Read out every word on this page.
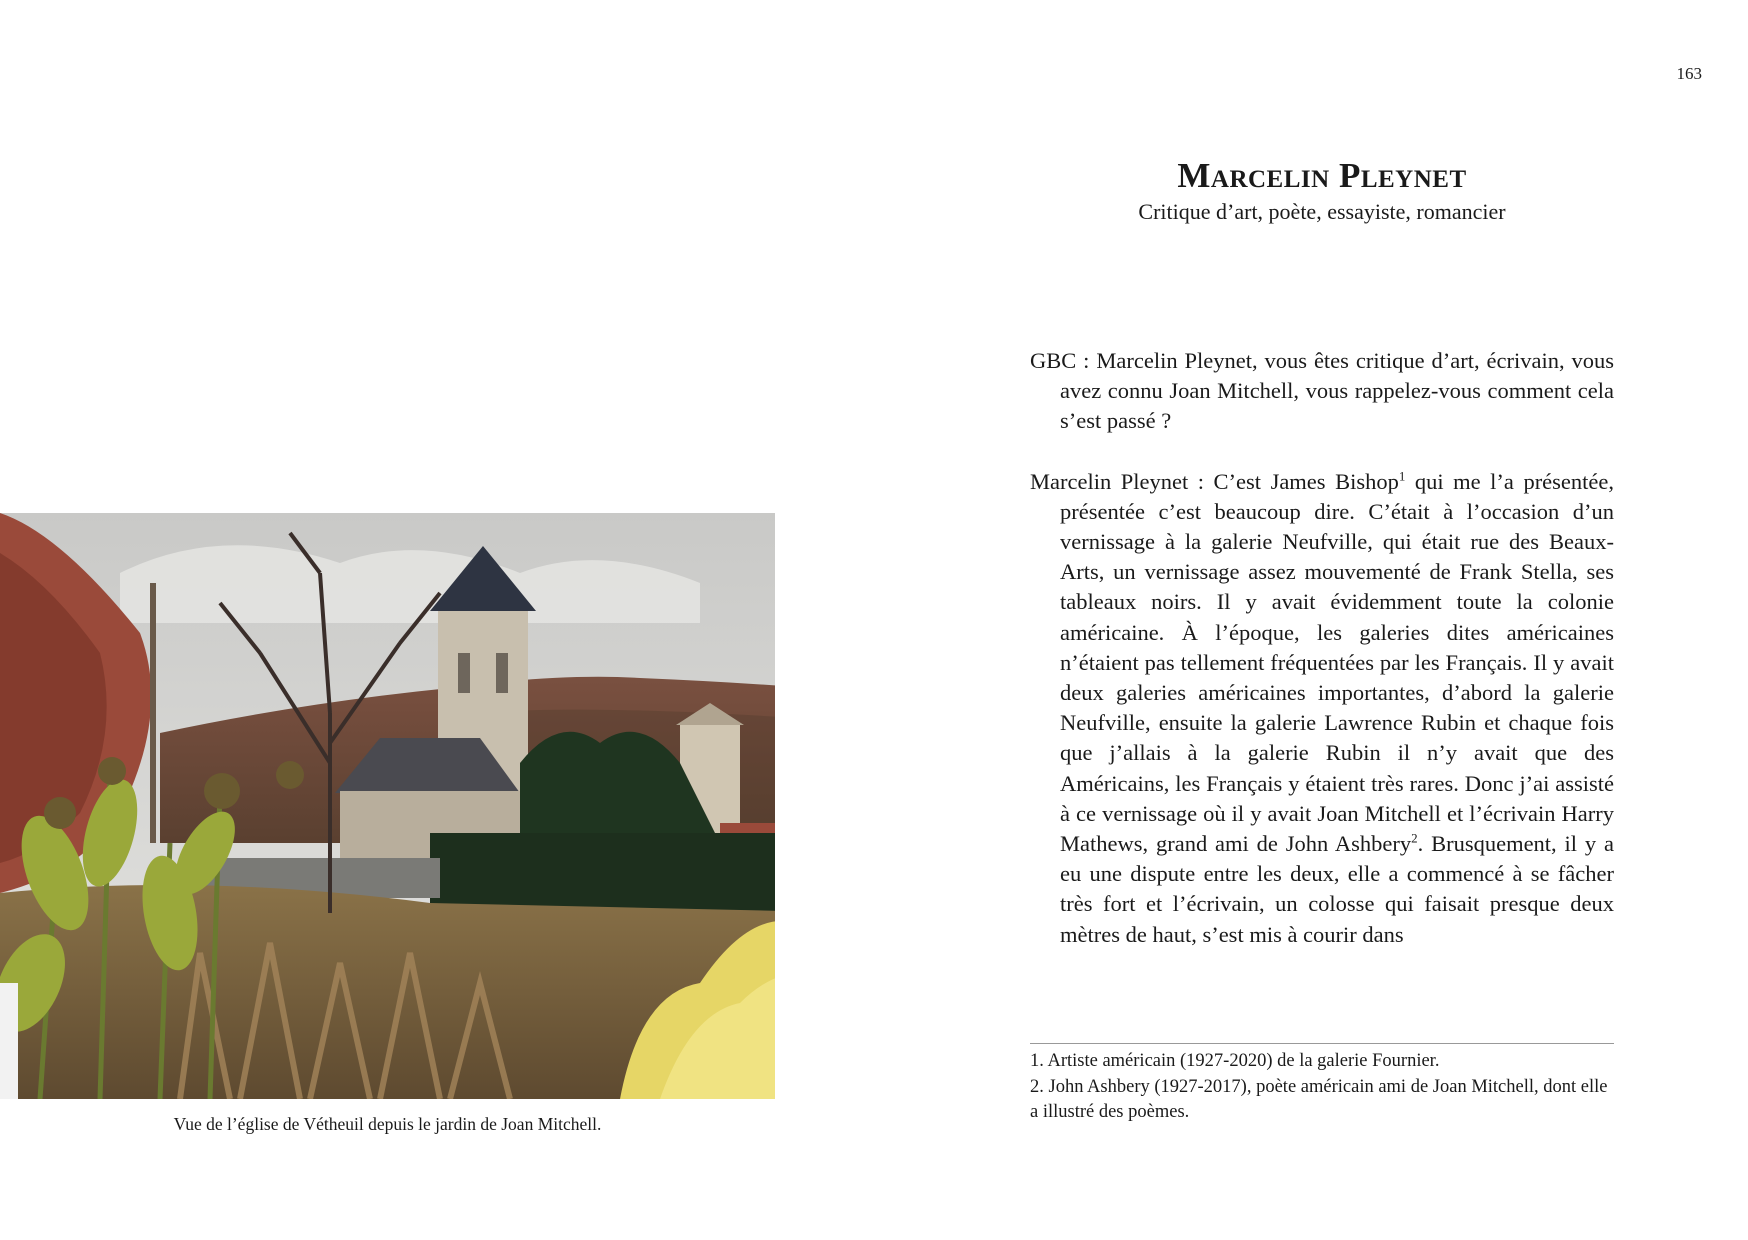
163

Marcelin Pleynet

Critique d’art, poète, essayiste, romancier

GBC : Marcelin Pleynet, vous êtes critique d’art, écrivain, vous avez connu Joan Mitchell, vous rappelez-vous comment cela s’est passé ?

Marcelin Pleynet : C’est James Bishop$^1$ qui me l’a présentée, présentée c’est beaucoup dire. C’était à l’occasion d’un vernissage à la galerie Neufville, qui était rue des Beaux-Arts, un vernissage assez mouvementé de Frank Stella, ses tableaux noirs. Il y avait évidemment toute la colonie américaine. À l’époque, les galeries dites américaines n’étaient pas tellement fréquentées par les Français. Il y avait deux galeries américaines importantes, d’abord la galerie Neufville, ensuite la galerie Lawrence Rubin et chaque fois que j’allais à la galerie Rubin il n’y avait que des Américains, les Français y étaient très rares. Donc j’ai assisté à ce vernissage où il y avait Joan Mitchell et l’écrivain Harry Mathews, grand ami de John Ashbery$^2$. Brusquement, il y a eu une dispute entre les deux, elle a commencé à se fâcher très fort et l’écrivain, un colosse qui faisait presque deux mètres de haut, s’est mis à courir dans

1. Artiste américain (1927-2020) de la galerie Fournier.

2. John Ashbery (1927-2017), poète américain ami de Joan Mitchell, dont elle a illustré des poèmes.

Vue de l’église de Vétheuil depuis le jardin de Joan Mitchell.
